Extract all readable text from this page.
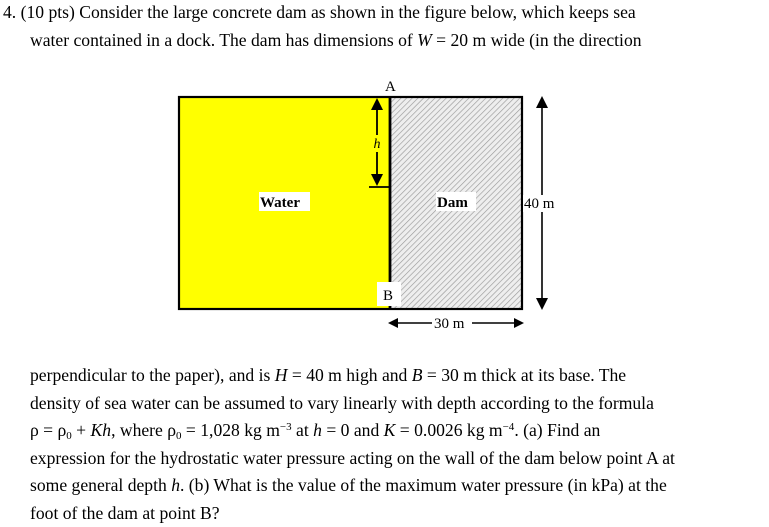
4. (10 pts) Consider the large concrete dam as shown in the figure below, which keeps sea
water contained in a dock. The dam has dimensions of W = 20 m wide (in the direction
A
h
Water	Dam
B
40 m
30 m
perpendicular to the paper), and is H = 40 m high and B = 30 m thick at its base. The
density of sea water can be assumed to vary linearly with depth according to the formula
$\rho = \rho_0 + Kh$, where $\rho_0 = 1,028$ kg $m^{-3}$ at h = 0 and K = 0.0026 kg $m^{-4}$. (a) Find an
expression for the hydrostatic water pressure acting on the wall of the dam below point A at
some general depth h. (b) What is the value of the maximum water pressure (in kPa) at the
foot of the dam at point B?
